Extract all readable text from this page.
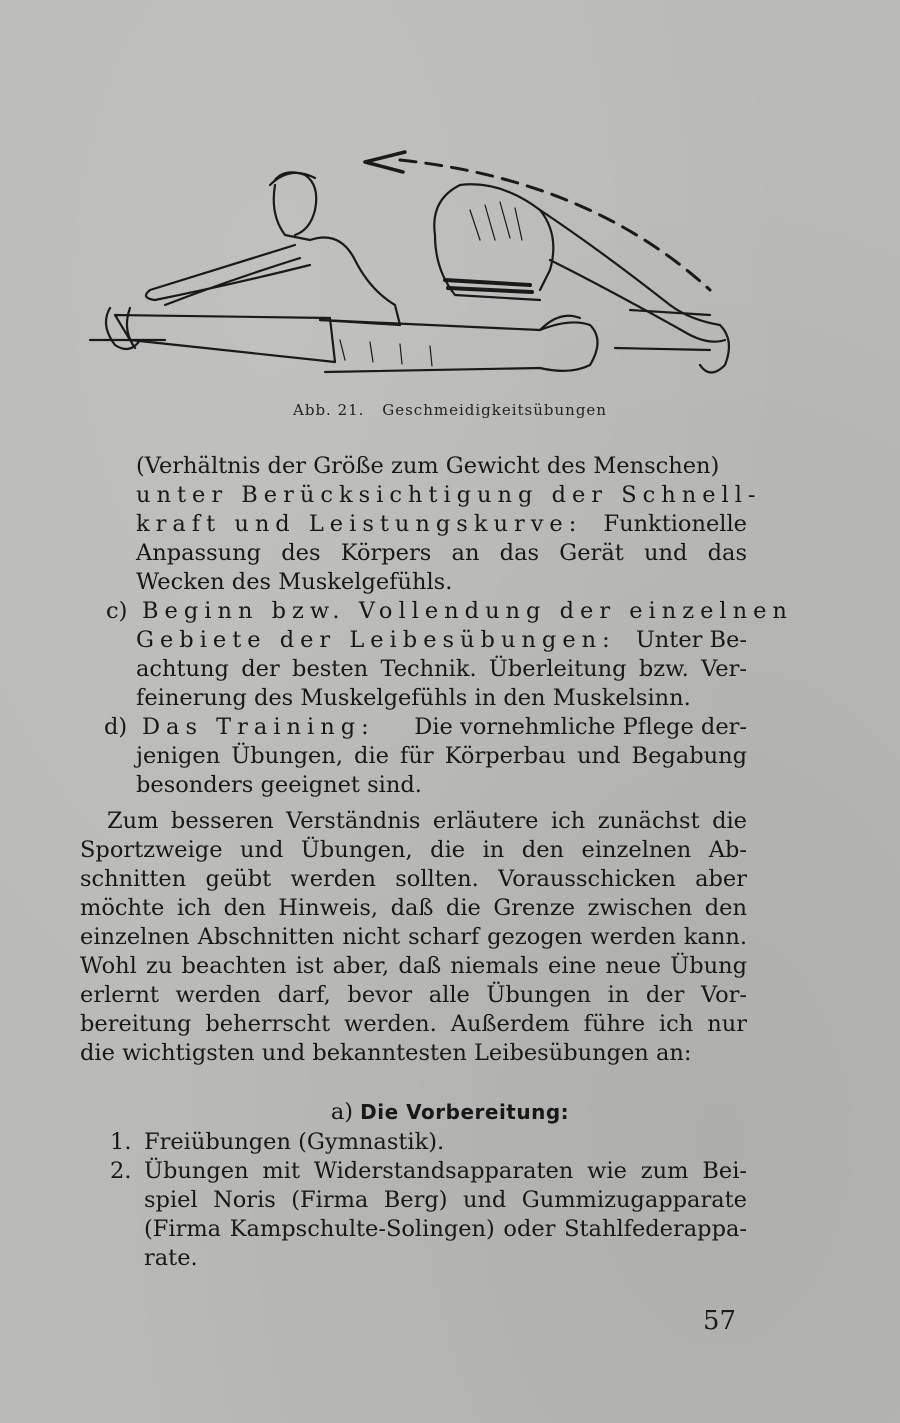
Abb. 21. Geschmeidigkeitsübungen
(Verhältnis der Größe zum Gewicht des Menschen)
unter Berücksichtigung der Schnell-
kraft und Leistungskurve: Funktionelle
Anpassung des Körpers an das Gerät und das
Wecken des Muskelgefühls.
c) Beginn bzw. Vollendung der einzelnen
Gebiete der Leibesübungen: Unter Be-
achtung der besten Technik. Überleitung bzw. Ver-
feinerung des Muskelgefühls in den Muskelsinn.
d) Das Training: Die vornehmliche Pflege der-
jenigen Übungen, die für Körperbau und Begabung
besonders geeignet sind.
Zum besseren Verständnis erläutere ich zunächst die
Sportzweige und Übungen, die in den einzelnen Ab-
schnitten geübt werden sollten. Vorausschicken aber
möchte ich den Hinweis, daß die Grenze zwischen den
einzelnen Abschnitten nicht scharf gezogen werden kann.
Wohl zu beachten ist aber, daß niemals eine neue Übung
erlernt werden darf, bevor alle Übungen in der Vor-
bereitung beherrscht werden. Außerdem führe ich nur
die wichtigsten und bekanntesten Leibesübungen an:
a) Die Vorbereitung:
1. Freiübungen (Gymnastik).
2. Übungen mit Widerstandsapparaten wie zum Bei-
spiel Noris (Firma Berg) und Gummizugapparate
(Firma Kampschulte-Solingen) oder Stahlfederappa-
rate.
57
